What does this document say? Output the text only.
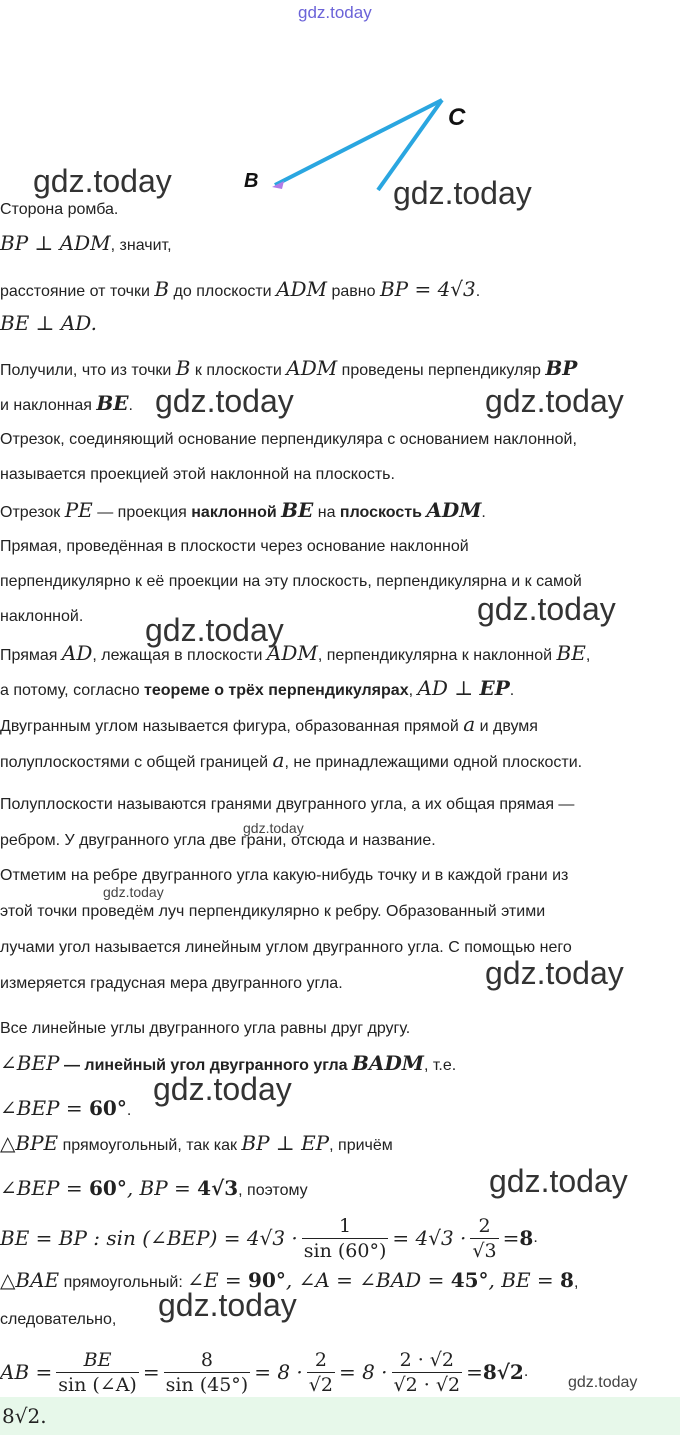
gdz.today
B
C
gdz.today	gdz.today
gdz.today	gdz.today
gdz.today
gdz.today
gdz.today
gdz.today
gdz.today
gdz.today
gdz.today
gdz.today
gdz.today
Сторона ромба.
BP ⊥ ADM, значит,
расстояние от точки B до плоскости ADM равно BP = 4√3.
BE ⊥ AD.
Получили, что из точки B к плоскости ADM проведены перпендикуляр BP
и наклонная BE.
Отрезок, соединяющий основание перпендикуляра с основанием наклонной,
называется проекцией этой наклонной на плоскость.
Отрезок PE — проекция наклонной BE на плоскость ADM.
Прямая, проведённая в плоскости через основание наклонной
перпендикулярно к её проекции на эту плоскость, перпендикулярна и к самой
наклонной.
Прямая AD, лежащая в плоскости ADM, перпендикулярна к наклонной BE,
а потому, согласно теореме о трёх перпендикулярах, AD ⊥ EP.
Двугранным углом называется фигура, образованная прямой a и двумя
полуплоскостями с общей границей a, не принадлежащими одной плоскости.
Полуплоскости называются гранями двугранного угла, а их общая прямая —
ребром. У двугранного угла две грани, отсюда и название.
Отметим на ребре двугранного угла какую-нибудь точку и в каждой грани из
этой точки проведём луч перпендикулярно к ребру. Образованный этими
лучами угол называется линейным углом двугранного угла. С помощью него
измеряется градусная мера двугранного угла.
Все линейные углы двугранного угла равны друг другу.
∠BEP — линейный угол двугранного угла BADM, т.е.
∠BEP = 60°.
△BPE прямоугольный, так как BP ⊥ EP, причём
∠BEP = 60°, BP = 4√3, поэтому
BE = BP : sin (∠BEP) = $4√3 \cdot \frac{1}{\sin (60^\circ)} = 4√3 \cdot \frac{2}{√3} = 8$ .
△BAE прямоугольный: ∠E = 90°, ∠A = ∠BAD = 45°, BE = 8,
следовательно,
AB = $\frac{BE}{\sin (\angle A)} = \frac{8}{\sin (45^\circ)} = 8 \cdot \frac{2}{√2} = 8 \cdot \frac{2 \cdot √2}{√2 \cdot √2} = 8√2$ .
8√2.
